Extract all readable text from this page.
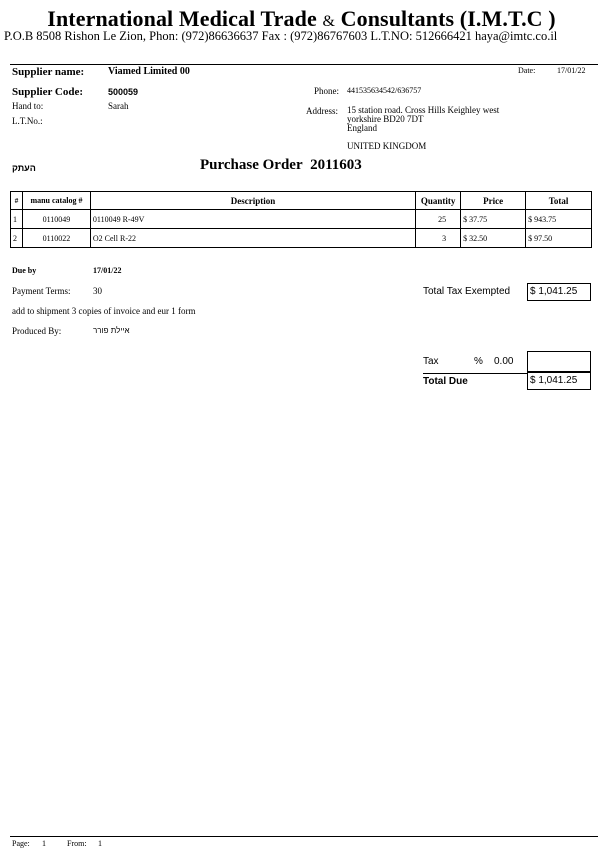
International Medical Trade & Consultants (I.M.T.C )
P.O.B 8508 Rishon Le Zion, Phon: (972)86636637 Fax : (972)86767603 L.T.NO: 512666421 haya@imtc.co.il
Supplier name: Viamed Limited 00	Date:	17/01/22
Supplier Code:	500059
Hand to:	Sarah
L.T.No.:
Phone: 441535634542/636757
Address: 15 station road. Cross Hills Keighley west
yorkshire BD20 7DT
England
UNITED KINGDOM
העתק	Purchase Order 2011603
#	manu catalog #	Description	Quantity	Price	Total
1	0110049	0110049 R-49V	25	$ 37.75	$ 943.75
2	0110022	O2 Cell R-22	3	$ 32.50	$ 97.50
Due by	17/01/22
Payment Terms:	30
add to shipment 3 copies of invoice and eur 1 form
Produced By:	איילת פורר
Total Tax Exempted	$ 1,041.25
Tax	% 0.00
Total Due	$ 1,041.25
Page: 1	From: 1
